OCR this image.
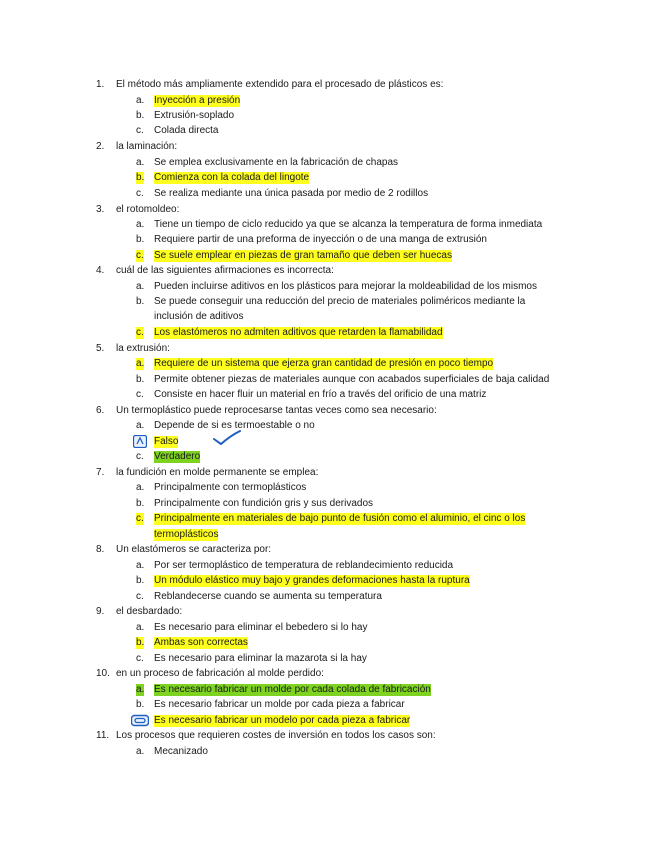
1. El método más ampliamente extendido para el procesado de plásticos es:
a. Inyección a presión
b. Extrusión-soplado
c. Colada directa
2. la laminación:
a. Se emplea exclusivamente en la fabricación de chapas
b. Comienza con la colada del lingote
c. Se realiza mediante una única pasada por medio de 2 rodillos
3. el rotomoldeo:
a. Tiene un tiempo de ciclo reducido ya que se alcanza la temperatura de forma inmediata
b. Requiere partir de una preforma de inyección o de una manga de extrusión
c. Se suele emplear en piezas de gran tamaño que deben ser huecas
4. cuál de las siguientes afirmaciones es incorrecta:
a. Pueden incluirse aditivos en los plásticos para mejorar la moldeabilidad de los mismos
b. Se puede conseguir una reducción del precio de materiales poliméricos mediante la
inclusión de aditivos
c. Los elastómeros no admiten aditivos que retarden la flamabilidad
5. la extrusión:
a. Requiere de un sistema que ejerza gran cantidad de presión en poco tiempo
b. Permite obtener piezas de materiales aunque con acabados superficiales de baja calidad
c. Consiste en hacer fluir un material en frío a través del orificio de una matriz
6. Un termoplástico puede reprocesarse tantas veces como sea necesario:
a. Depende de si es termoestable o no
Falso
c. Verdadero
7. la fundición en molde permanente se emplea:
a. Principalmente con termoplásticos
b. Principalmente con fundición gris y sus derivados
c. Principalmente en materiales de bajo punto de fusión como el aluminio, el cinc o los
termoplásticos
8. Un elastómeros se caracteriza por:
a. Por ser termoplástico de temperatura de reblandecimiento reducida
b. Un módulo elástico muy bajo y grandes deformaciones hasta la ruptura
c. Reblandecerse cuando se aumenta su temperatura
9. el desbardado:
a. Es necesario para eliminar el bebedero si lo hay
b. Ambas son correctas
c. Es necesario para eliminar la mazarota si la hay
10. en un proceso de fabricación al molde perdido:
a. Es necesario fabricar un molde por cada colada de fabricación
b. Es necesario fabricar un molde por cada pieza a fabricar
Es necesario fabricar un modelo por cada pieza a fabricar
11. Los procesos que requieren costes de inversión en todos los casos son:
a. Mecanizado
